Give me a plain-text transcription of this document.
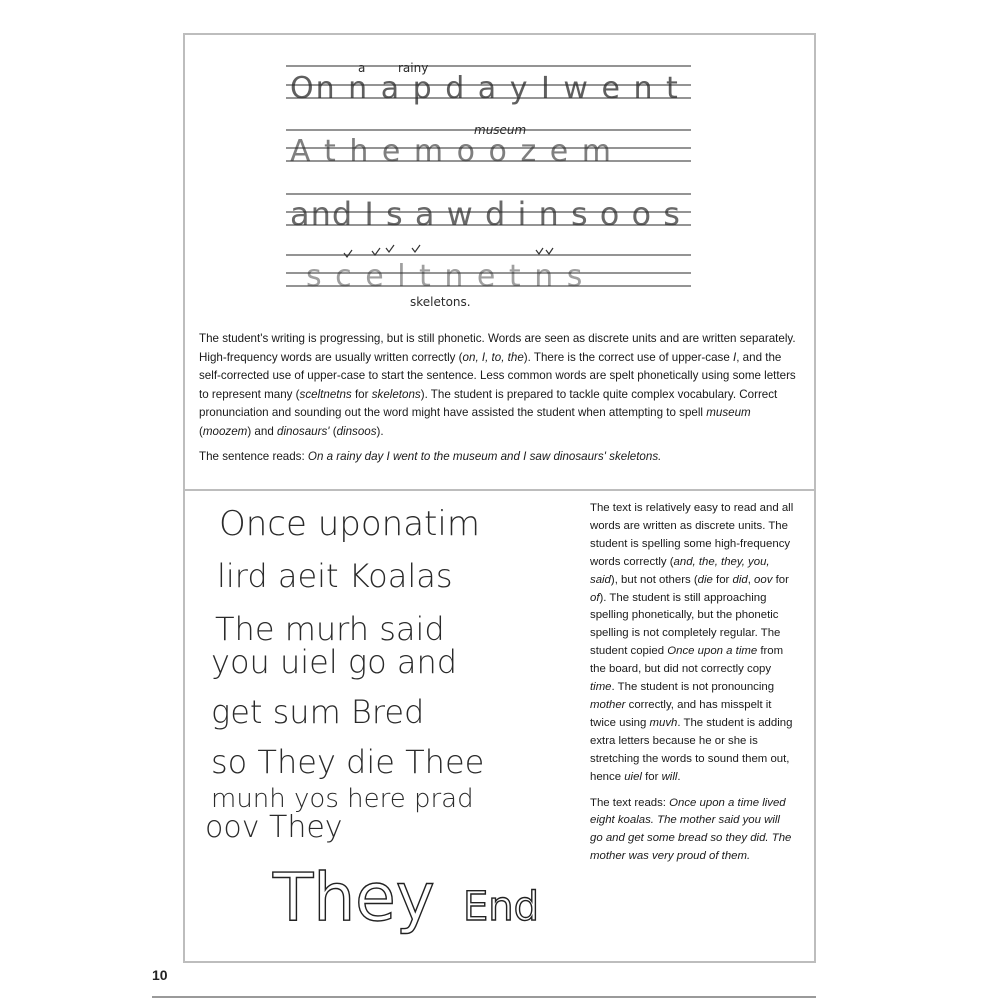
a	rainy
On n a p d a y I w e n t
museum
A t h e m o o z e m
and I s a w d i n s o o s
s c e l t n e t n s
skeletons.

The student's writing is progressing, but is still phonetic. Words are seen as discrete units and are written separately. High-frequency words are usually written correctly (on, I, to, the). There is the correct use of upper-case I, and the self-corrected use of upper-case to start the sentence. Less common words are spelt phonetically using some letters to represent many (sceltnetns for skeletons). The student is prepared to tackle quite complex vocabulary. Correct pronunciation and sounding out the word might have assisted the student when attempting to spell museum (moozem) and dinosaurs' (dinsoos).

The sentence reads: On a rainy day I went to the museum and I saw dinosaurs' skeletons.

Once uponatim
lird aeit Koalas
The murh said
you uiel go and
get sum Bred
so They die Thee
munh yos here prad
oov They
They End

The text is relatively easy to read and all words are written as discrete units. The student is spelling some high-frequency words correctly (and, the, they, you, said), but not others (die for did, oov for of). The student is still approaching spelling phonetically, but the phonetic spelling is not completely regular. The student copied Once upon a time from the board, but did not correctly copy time. The student is not pronouncing mother correctly, and has misspelt it twice using muvh. The student is adding extra letters because he or she is stretching the words to sound them out, hence uiel for will.

The text reads: Once upon a time lived eight koalas. The mother said you will go and get some bread so they did. The mother was very proud of them.

10
